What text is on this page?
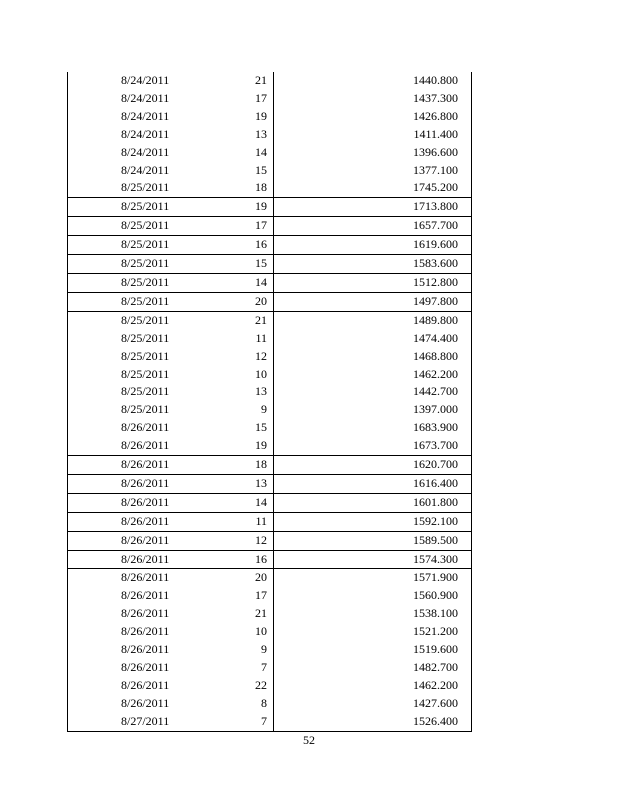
8/24/2011 21	1440.800
8/24/2011 17	1437.300
8/24/2011 19	1426.800
8/24/2011 13	1411.400
8/24/2011 14	1396.600
8/24/2011 15	1377.100
8/25/2011 18	1745.200
8/25/2011 19	1713.800
8/25/2011 17	1657.700
8/25/2011 16	1619.600
8/25/2011 15	1583.600
8/25/2011 14	1512.800
8/25/2011 20	1497.800
8/25/2011 21	1489.800
8/25/2011 11	1474.400
8/25/2011 12	1468.800
8/25/2011 10	1462.200
8/25/2011 13	1442.700
8/25/2011 9	1397.000
8/26/2011 15	1683.900
8/26/2011 19	1673.700
8/26/2011 18	1620.700
8/26/2011 13	1616.400
8/26/2011 14	1601.800
8/26/2011 11	1592.100
8/26/2011 12	1589.500
8/26/2011 16	1574.300
8/26/2011 20	1571.900
8/26/2011 17	1560.900
8/26/2011 21	1538.100
8/26/2011 10	1521.200
8/26/2011 9	1519.600
8/26/2011 7	1482.700
8/26/2011 22	1462.200
8/26/2011 8	1427.600
8/27/2011 7	1526.400
52
